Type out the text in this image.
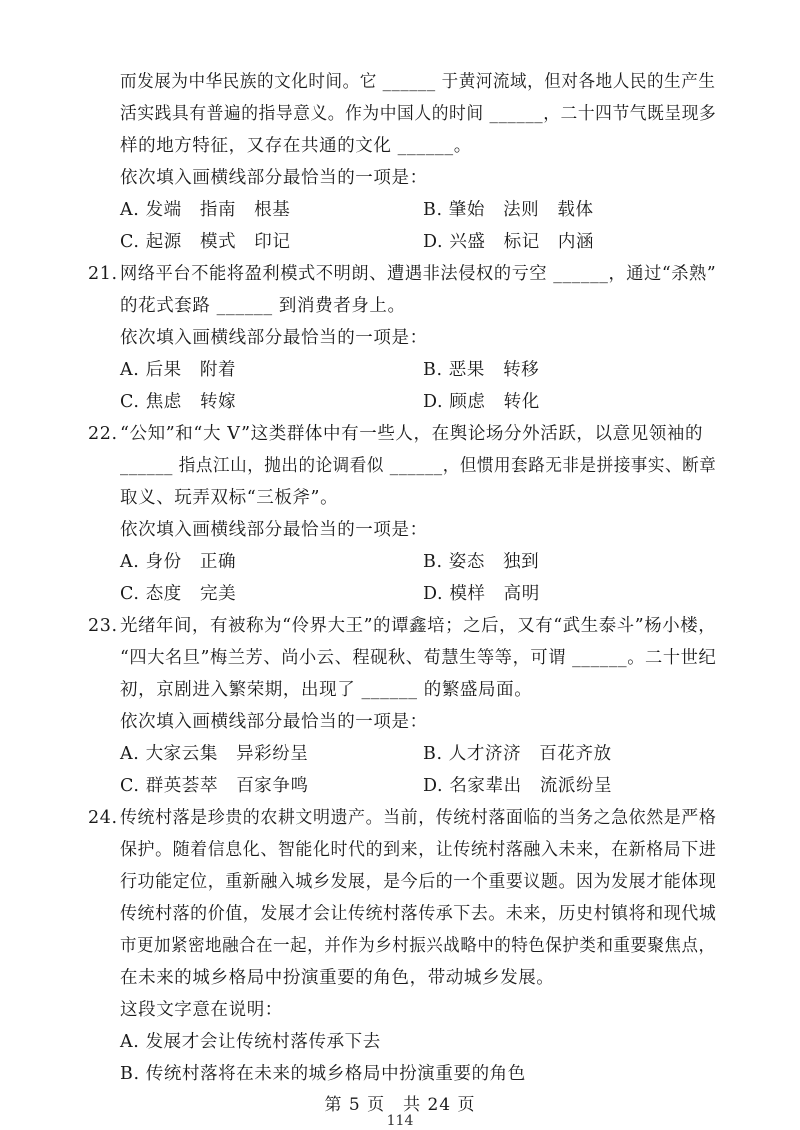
而发展为中华民族的文化时间。它 ______ 于黄河流域，但对各地人民的生产生
活实践具有普遍的指导意义。作为中国人的时间 ______，二十四节气既呈现多
样的地方特征，又存在共通的文化 ______。
依次填入画横线部分最恰当的一项是：
A. 发端　指南　根基	B. 肇始　法则　载体
C. 起源　模式　印记	D. 兴盛　标记　内涵
21. 网络平台不能将盈利模式不明朗、遭遇非法侵权的亏空 ______，通过“杀熟”
的花式套路 ______ 到消费者身上。
依次填入画横线部分最恰当的一项是：
A. 后果　附着	B. 恶果　转移
C. 焦虑　转嫁	D. 顾虑　转化
22. “公知”和“大 V”这类群体中有一些人，在舆论场分外活跃，以意见领袖的
______ 指点江山，抛出的论调看似 ______，但惯用套路无非是拼接事实、断章
取义、玩弄双标“三板斧”。
依次填入画横线部分最恰当的一项是：
A. 身份　正确	B. 姿态　独到
C. 态度　完美	D. 模样　高明
23. 光绪年间，有被称为“伶界大王”的谭鑫培；之后，又有“武生泰斗”杨小楼，
“四大名旦”梅兰芳、尚小云、程砚秋、荀慧生等等，可谓 ______。二十世纪
初，京剧进入繁荣期，出现了 ______ 的繁盛局面。
依次填入画横线部分最恰当的一项是：
A. 大家云集　异彩纷呈	B. 人才济济　百花齐放
C. 群英荟萃　百家争鸣	D. 名家辈出　流派纷呈
24. 传统村落是珍贵的农耕文明遗产。当前，传统村落面临的当务之急依然是严格
保护。随着信息化、智能化时代的到来，让传统村落融入未来，在新格局下进
行功能定位，重新融入城乡发展，是今后的一个重要议题。因为发展才能体现
传统村落的价值，发展才会让传统村落传承下去。未来，历史村镇将和现代城
市更加紧密地融合在一起，并作为乡村振兴战略中的特色保护类和重要聚焦点，
在未来的城乡格局中扮演重要的角色，带动城乡发展。
这段文字意在说明：
A. 发展才会让传统村落传承下去
B. 传统村落将在未来的城乡格局中扮演重要的角色
第 5 页　共 24 页
114
